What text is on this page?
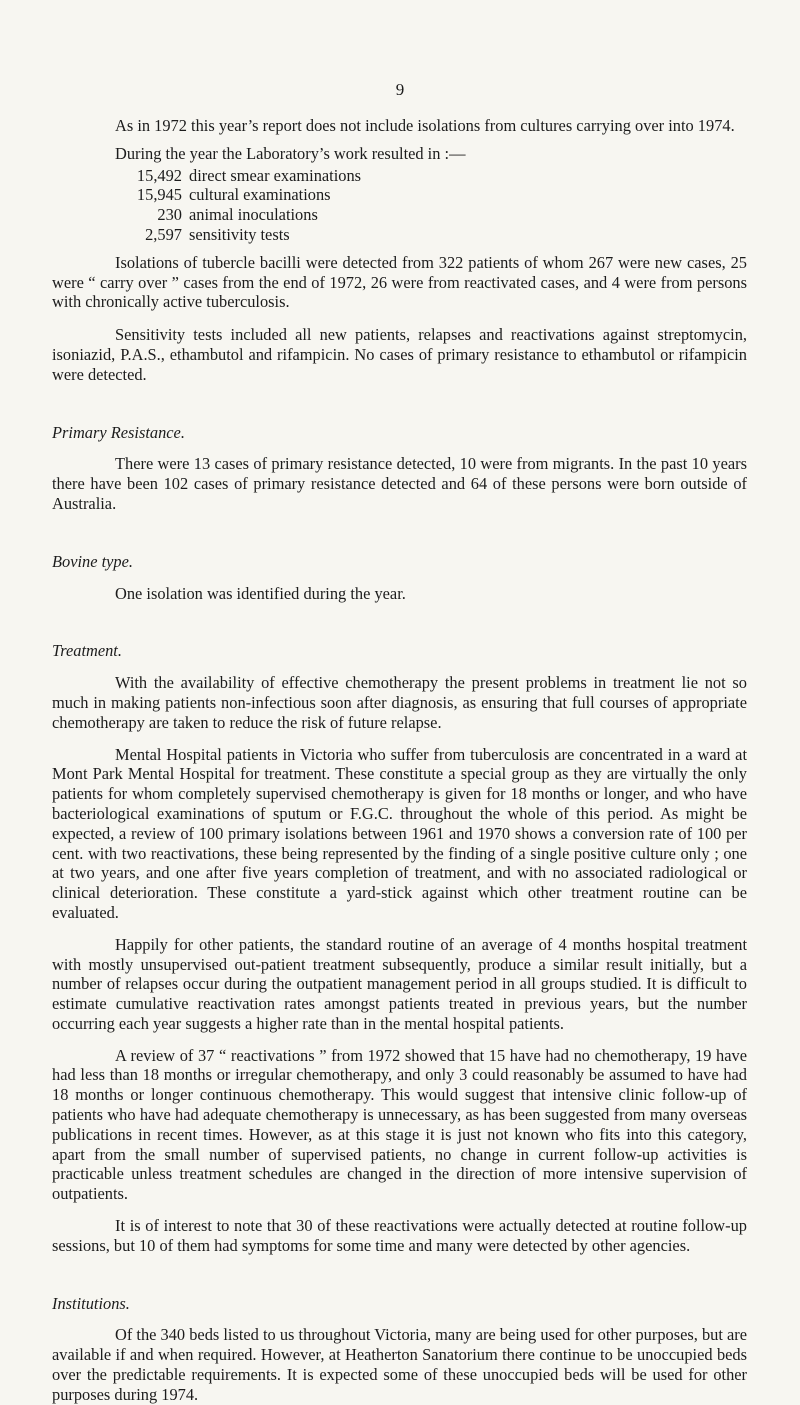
9

As in 1972 this year’s report does not include isolations from cultures carrying over into 1974.

During the year the Laboratory’s work resulted in :—

15,492 direct smear examinations
15,945 cultural examinations
230 animal inoculations
2,597 sensitivity tests

Isolations of tubercle bacilli were detected from 322 patients of whom 267 were new cases, 25 were “ carry over ” cases from the end of 1972, 26 were from reactivated cases, and 4 were from persons with chronically active tuberculosis.

Sensitivity tests included all new patients, relapses and reactivations against streptomycin, isoniazid, P.A.S., ethambutol and rifampicin. No cases of primary resistance to ethambutol or rifampicin were detected.

Primary Resistance.

There were 13 cases of primary resistance detected, 10 were from migrants. In the past 10 years there have been 102 cases of primary resistance detected and 64 of these persons were born outside of Australia.

Bovine type.

One isolation was identified during the year.

Treatment.

With the availability of effective chemotherapy the present problems in treatment lie not so much in making patients non-infectious soon after diagnosis, as ensuring that full courses of appropriate chemotherapy are taken to reduce the risk of future relapse.

Mental Hospital patients in Victoria who suffer from tuberculosis are concentrated in a ward at Mont Park Mental Hospital for treatment. These constitute a special group as they are virtually the only patients for whom completely supervised chemotherapy is given for 18 months or longer, and who have bacteriological examinations of sputum or F.G.C. throughout the whole of this period. As might be expected, a review of 100 primary isolations between 1961 and 1970 shows a conversion rate of 100 per cent. with two reactivations, these being represented by the finding of a single positive culture only ; one at two years, and one after five years completion of treatment, and with no associated radiological or clinical deterioration. These constitute a yard-stick against which other treatment routine can be evaluated.

Happily for other patients, the standard routine of an average of 4 months hospital treatment with mostly unsupervised out-patient treatment subsequently, produce a similar result initially, but a number of relapses occur during the outpatient management period in all groups studied. It is difficult to estimate cumulative reactivation rates amongst patients treated in previous years, but the number occurring each year suggests a higher rate than in the mental hospital patients.

A review of 37 “ reactivations ” from 1972 showed that 15 have had no chemotherapy, 19 have had less than 18 months or irregular chemotherapy, and only 3 could reasonably be assumed to have had 18 months or longer continuous chemotherapy. This would suggest that intensive clinic follow-up of patients who have had adequate chemotherapy is unnecessary, as has been suggested from many overseas publications in recent times. However, as at this stage it is just not known who fits into this category, apart from the small number of supervised patients, no change in current follow-up activities is practicable unless treatment schedules are changed in the direction of more intensive supervision of outpatients.

It is of interest to note that 30 of these reactivations were actually detected at routine follow-up sessions, but 10 of them had symptoms for some time and many were detected by other agencies.

Institutions.

Of the 340 beds listed to us throughout Victoria, many are being used for other purposes, but are available if and when required. However, at Heatherton Sanatorium there continue to be unoccupied beds over the predictable requirements. It is expected some of these unoccupied beds will be used for other purposes during 1974.
